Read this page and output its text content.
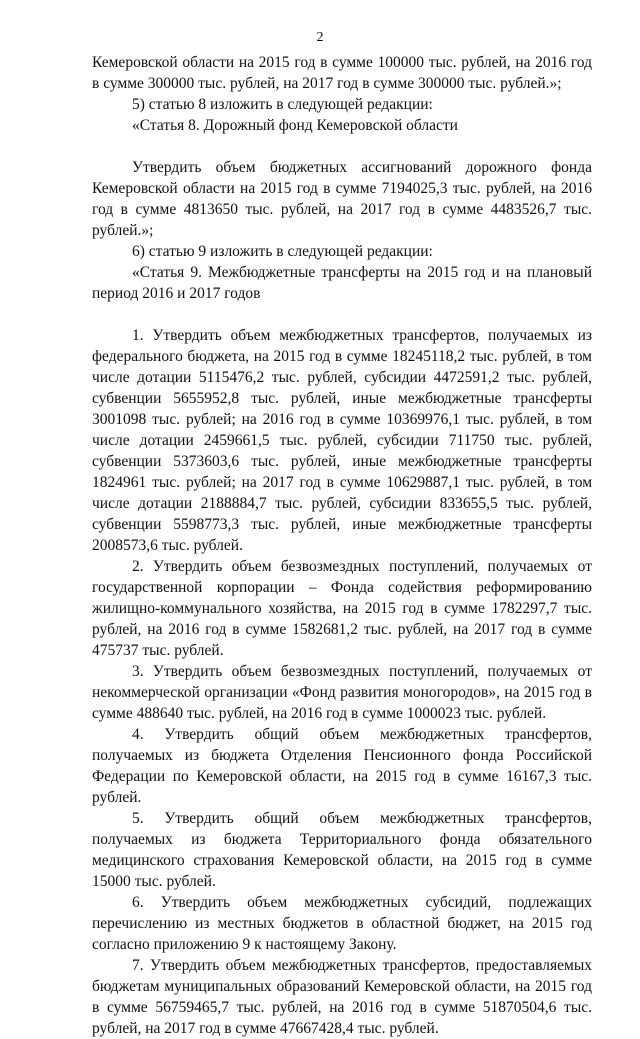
2

Кемеровской области на 2015 год в сумме 100000 тыс. рублей, на 2016 год в сумме 300000 тыс. рублей, на 2017 год в сумме 300000 тыс. рублей.»;

5) статью 8 изложить в следующей редакции:

«Статья 8. Дорожный фонд Кемеровской области

Утвердить объем бюджетных ассигнований дорожного фонда Кемеровской области на 2015 год в сумме 7194025,3 тыс. рублей, на 2016 год в сумме 4813650 тыс. рублей, на 2017 год в сумме 4483526,7 тыс. рублей.»;

6) статью 9 изложить в следующей редакции:

«Статья 9. Межбюджетные трансферты на 2015 год и на плановый период 2016 и 2017 годов

1. Утвердить объем межбюджетных трансфертов, получаемых из федерального бюджета, на 2015 год в сумме 18245118,2 тыс. рублей, в том числе дотации 5115476,2 тыс. рублей, субсидии 4472591,2 тыс. рублей, субвенции 5655952,8 тыс. рублей, иные межбюджетные трансферты 3001098 тыс. рублей; на 2016 год в сумме 10369976,1 тыс. рублей, в том числе дотации 2459661,5 тыс. рублей, субсидии 711750 тыс. рублей, субвенции 5373603,6 тыс. рублей, иные межбюджетные трансферты 1824961 тыс. рублей; на 2017 год в сумме 10629887,1 тыс. рублей, в том числе дотации 2188884,7 тыс. рублей, субсидии 833655,5 тыс. рублей, субвенции 5598773,3 тыс. рублей, иные межбюджетные трансферты 2008573,6 тыс. рублей.

2. Утвердить объем безвозмездных поступлений, получаемых от государственной корпорации – Фонда содействия реформированию жилищно-коммунального хозяйства, на 2015 год в сумме 1782297,7 тыс. рублей, на 2016 год в сумме 1582681,2 тыс. рублей, на 2017 год в сумме 475737 тыс. рублей.

3. Утвердить объем безвозмездных поступлений, получаемых от некоммерческой организации «Фонд развития моногородов», на 2015 год в сумме 488640 тыс. рублей, на 2016 год в сумме 1000023 тыс. рублей.

4. Утвердить общий объем межбюджетных трансфертов, получаемых из бюджета Отделения Пенсионного фонда Российской Федерации по Кемеровской области, на 2015 год в сумме 16167,3 тыс. рублей.

5. Утвердить общий объем межбюджетных трансфертов, получаемых из бюджета Территориального фонда обязательного медицинского страхования Кемеровской области, на 2015 год в сумме 15000 тыс. рублей.

6. Утвердить объем межбюджетных субсидий, подлежащих перечислению из местных бюджетов в областной бюджет, на 2015 год согласно приложению 9 к настоящему Закону.

7. Утвердить объем межбюджетных трансфертов, предоставляемых бюджетам муниципальных образований Кемеровской области, на 2015 год в сумме 56759465,7 тыс. рублей, на 2016 год в сумме 51870504,6 тыс. рублей, на 2017 год в сумме 47667428,4 тыс. рублей.
